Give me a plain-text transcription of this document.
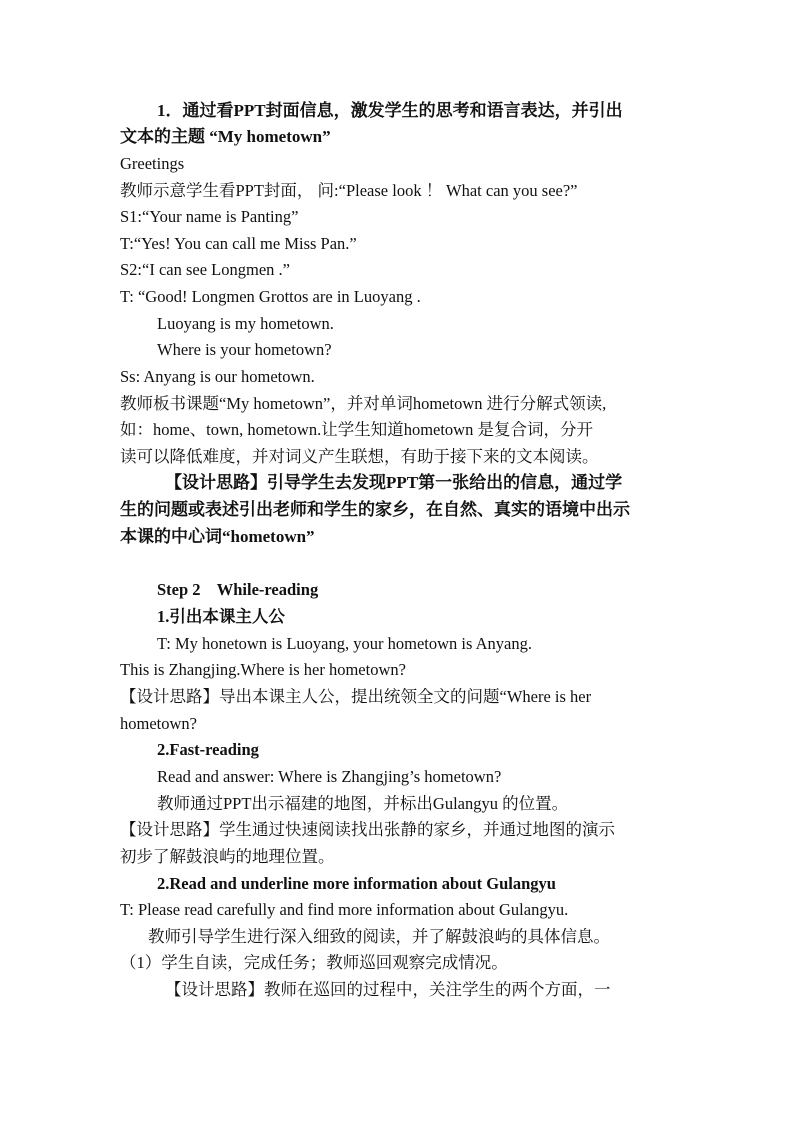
1．通过看PPT封面信息，激发学生的思考和语言表达，并引出
文本的主题 “My hometown”
Greetings
教师示意学生看PPT封面， 问:“Please look ！ What can you see?”
S1:“Your name is Panting”
T:“Yes! You can call me Miss Pan.”
S2:“I can see Longmen .”
T: “Good! Longmen Grottos are in Luoyang .
Luoyang is my hometown.
Where is your hometown?
Ss: Anyang is our hometown.
教师板书课题“My hometown”，并对单词hometown 进行分解式领读,
如：home、town, hometown.让学生知道hometown 是复合词，分开
读可以降低难度，并对词义产生联想，有助于接下来的文本阅读。
【设计思路】引导学生去发现PPT第一张给出的信息，通过学
生的问题或表述引出老师和学生的家乡，在自然、真实的语境中出示
本课的中心词“hometown”
Step 2    While-reading
1.引出本课主人公
T: My honetown is Luoyang, your hometown is Anyang.
This is Zhangjing.Where is her hometown?
【设计思路】导出本课主人公，提出统领全文的问题“Where is her
hometown?
2.Fast-reading
Read and answer: Where is Zhangjing’s hometown?
教师通过PPT出示福建的地图，并标出Gulangyu 的位置。
【设计思路】学生通过快速阅读找出张静的家乡，并通过地图的演示
初步了解鼓浪屿的地理位置。
2.Read and underline more information about Gulangyu
T: Please read carefully and find more information about Gulangyu.
教师引导学生进行深入细致的阅读，并了解鼓浪屿的具体信息。
（1）学生自读，完成任务；教师巡回观察完成情况。
【设计思路】教师在巡回的过程中，关注学生的两个方面，一
